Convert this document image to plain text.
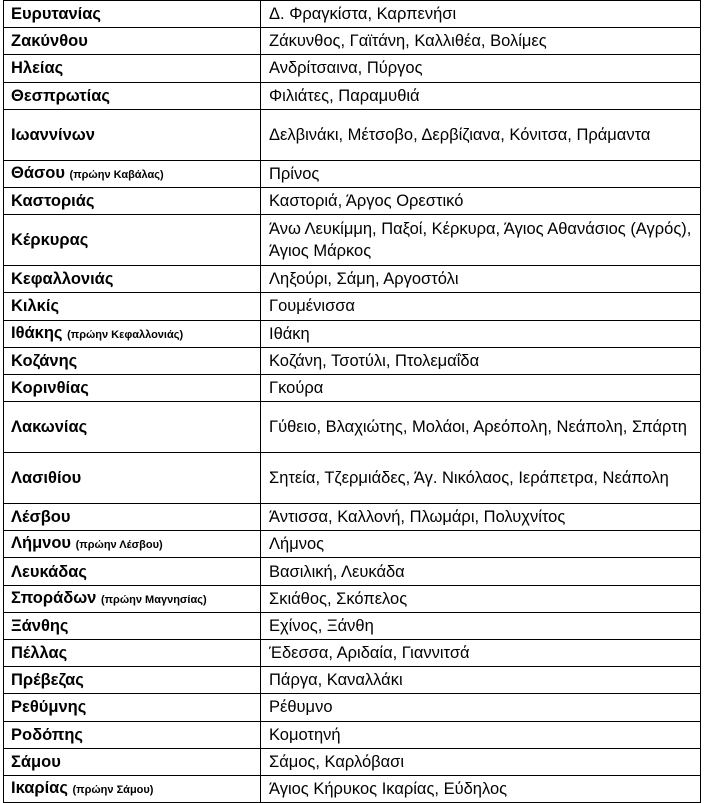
Ευρυτανίας	Δ. Φραγκίστα, Καρπενήσι
Ζακύνθου	Ζάκυνθος, Γαϊτάνη, Καλλιθέα, Βολίμες
Ηλείας	Ανδρίτσαινα, Πύργος
Θεσπρωτίας	Φιλιάτες, Παραμυθιά
Ιωαννίνων	Δελβινάκι, Μέτσοβο, Δερβίζιανα, Κόνιτσα, Πράμαντα
Θάσου (πρώην Καβάλας)	Πρίνος
Καστοριάς	Καστοριά, Άργος Ορεστικό
Κέρκυρας	Άνω Λευκίμμη, Παξοί, Κέρκυρα, Άγιος Αθανάσιος (Αγρός), Άγιος Μάρκος
Κεφαλλονιάς	Ληξούρι, Σάμη, Αργοστόλι
Κιλκίς	Γουμένισσα
Ιθάκης (πρώην Κεφαλλονιάς)	Ιθάκη
Κοζάνης	Κοζάνη, Τσοτύλι, Πτολεμαΐδα
Κορινθίας	Γκούρα
Λακωνίας	Γύθειο, Βλαχιώτης, Μολάοι, Αρεόπολη, Νεάπολη, Σπάρτη
Λασιθίου	Σητεία, Τζερμιάδες, Άγ. Νικόλαος, Ιεράπετρα, Νεάπολη
Λέσβου	Άντισσα, Καλλονή, Πλωμάρι, Πολυχνίτος
Λήμνου (πρώην Λέσβου)	Λήμνος
Λευκάδας	Βασιλική, Λευκάδα
Σποράδων (πρώην Μαγνησίας)	Σκιάθος, Σκόπελος
Ξάνθης	Εχίνος, Ξάνθη
Πέλλας	Έδεσσα, Αριδαία, Γιαννιτσά
Πρέβεζας	Πάργα, Καναλλάκι
Ρεθύμνης	Ρέθυμνο
Ροδόπης	Κομοτηνή
Σάμου	Σάμος, Καρλόβασι
Ικαρίας (πρώην Σάμου)	Άγιος Κήρυκος Ικαρίας, Εύδηλος
